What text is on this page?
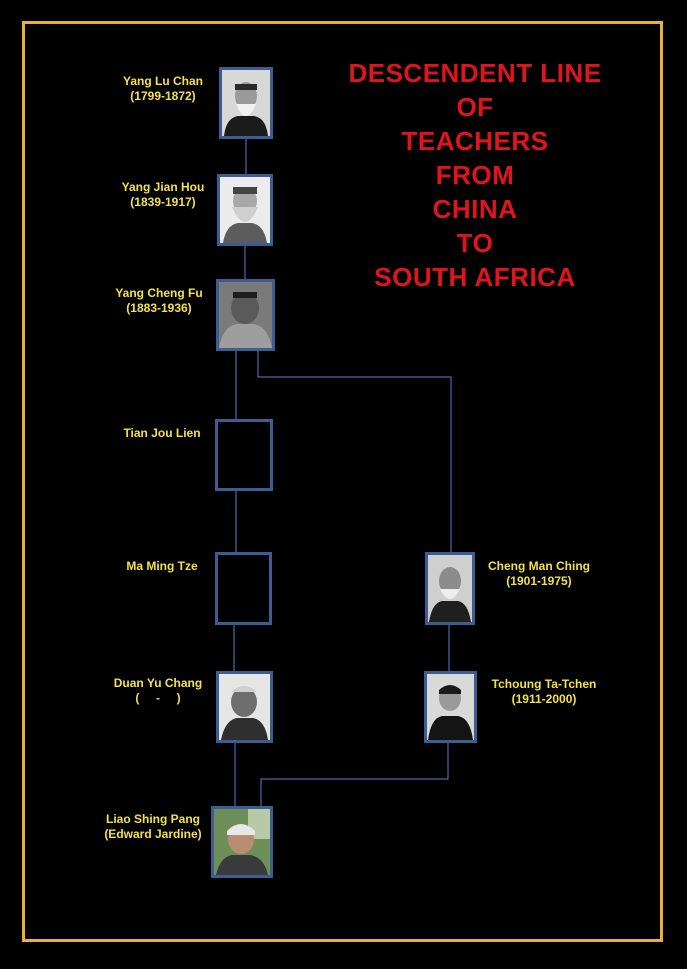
DESCENDENT LINE
OF
TEACHERS
FROM
CHINA
TO
SOUTH AFRICA
Yang Lu Chan
(1799-1872)
Yang Jian Hou
(1839-1917)
Yang Cheng Fu
(1883-1936)
Tian Jou Lien
Ma Ming Tze
Duan Yu Chang
(     -     )
Cheng Man Ching
(1901-1975)
Tchoung Ta-Tchen
(1911-2000)
Liao Shing Pang
(Edward Jardine)
